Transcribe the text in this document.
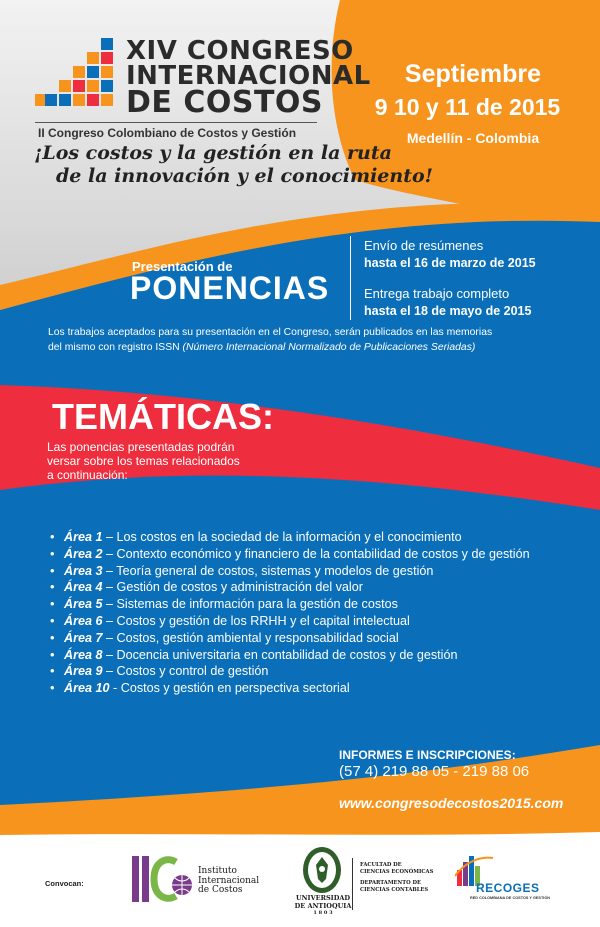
XIV CONGRESO
INTERNACIONAL
DE COSTOS
II Congreso Colombiano de Costos y Gestión
¡Los costos y la gestión en la ruta
de la innovación y el conocimiento!
Septiembre
9 10 y 11 de 2015
Medellín - Colombia
Presentación de
PONENCIAS
Envío de resúmenes
hasta el 16 de marzo de 2015
Entrega trabajo completo
hasta el 18 de mayo de 2015
Los trabajos aceptados para su presentación en el Congreso, serán publicados en las memorias
del mismo con registro ISSN (Número Internacional Normalizado de Publicaciones Seriadas)
TEMÁTICAS:
Las ponencias presentadas podrán
versar sobre los temas relacionados
a continuación:
• Área 1 – Los costos en la sociedad de la información y el conocimiento
• Área 2 – Contexto económico y financiero de la contabilidad de costos y de gestión
• Área 3 – Teoría general de costos, sistemas y modelos de gestión
• Área 4 – Gestión de costos y administración del valor
• Área 5 – Sistemas de información para la gestión de costos
• Área 6 – Costos y gestión de los RRHH y el capital intelectual
• Área 7 – Costos, gestión ambiental y responsabilidad social
• Área 8 – Docencia universitaria en contabilidad de costos y de gestión
• Área 9 – Costos y control de gestión
• Área 10 - Costos y gestión en perspectiva sectorial
INFORMES E INSCRIPCIONES:
(57 4) 219 88 05 - 219 88 06
www.congresodecostos2015.com
Convocan:
Instituto
Internacional
de Costos
UNIVERSIDAD
DE ANTIOQUIA
1 8 0 3
FACULTAD DE
CIENCIAS ECONÓMICAS
DEPARTAMENTO DE
CIENCIAS CONTABLES	RECOGES
RED COLOMBIANA DE COSTOS Y GESTIÓN
